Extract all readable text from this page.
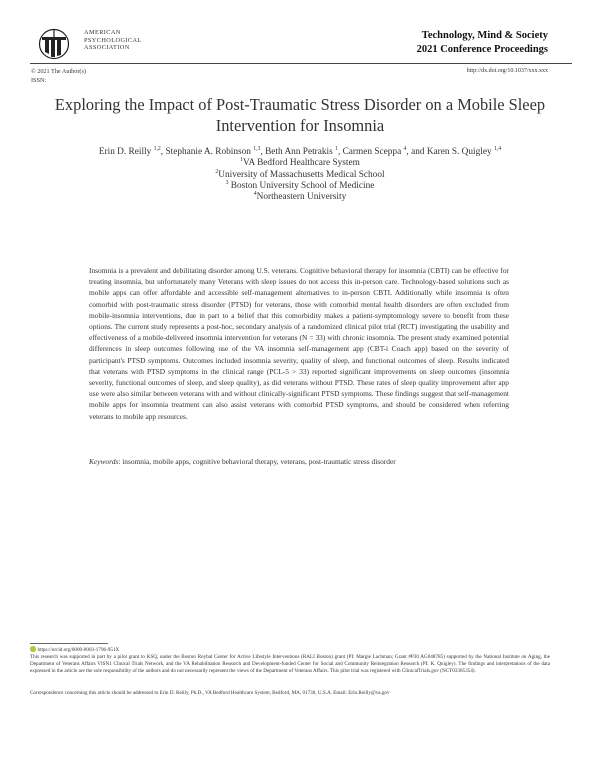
AMERICAN
PSYCHOLOGICAL
ASSOCIATION
Technology, Mind & Society
2021 Conference Proceedings
© 2021 The Author(s)
ISSN:
http://dx.doi.org/10.1037/xxx.xxx
Exploring the Impact of Post-Traumatic Stress Disorder on a Mobile Sleep Intervention for Insomnia
Erin D. Reilly $^{1,2}$, Stephanie A. Robinson $^{1,3}$, Beth Ann Petrakis $^1$, Carmen Sceppa $^4$, and Karen S. Quigley $^{1,4}$
$^1$VA Bedford Healthcare System
$^2$University of Massachusetts Medical School
$^3$ Boston University School of Medicine
$^4$Northeastern University

Insomnia is a prevalent and debilitating disorder among U.S. veterans. Cognitive behavioral therapy for insomnia (CBTI) can be effective for treating insomnia, but unfortunately many Veterans with sleep issues do not access this in-person care. Technology-based solutions such as mobile apps can offer affordable and accessible self-management alternatives to in-person CBTI. Additionally while insomnia is often comorbid with post-traumatic stress disorder (PTSD) for veterans, those with comorbid mental health disorders are often excluded from mobile-insomnia interventions, due in part to a belief that this comorbidity makes a patient-symptomology severe to benefit from these options. The current study represents a post-hoc, secondary analysis of a randomized clinical pilot trial (RCT) investigating the usability and effectiveness of a mobile-delivered insomnia intervention for veterans (N = 33) with chronic insomnia. The present study examined potential differences in sleep outcomes following use of the VA insomnia self-management app (CBT-i Coach app) based on the severity of participant's PTSD symptoms. Outcomes included insomnia severity, quality of sleep, and functional outcomes of sleep. Results indicated that veterans with PTSD symptoms in the clinical range (PCL-5 > 33) reported significant improvements on sleep outcomes (insomnia severity, functional outcomes of sleep, and sleep quality), as did veterans without PTSD. These rates of sleep quality improvement after app use were also similar between veterans with and without clinically-significant PTSD symptoms. These findings suggest that self-management mobile apps for insomnia treatment can also assist veterans with comorbid PTSD symptoms, and should be considered when referring veterans to mobile app resources.

Keywords: insomnia, mobile apps, cognitive behavioral therapy, veterans, post-traumatic stress disorder

https://orcid.org/0000-0003-1796-951X

This research was supported in part by a pilot grant to KSQ, under the Boston Roybal Center for Active Lifestyle Interventions (RALI Boston) grant (PI: Margie Lachman; Grant #P30 AG048785) supported by the National Institute on Aging, the Department of Veterans Affairs VISN1 Clinical Trials Network, and the VA Rehabilitation Research and Development-funded Center for Social and Community Reintegration Research (PI: K. Quigley). The findings and interpretations of the data expressed in the article are the sole responsibility of the authors and do not necessarily represent the views of the Department of Veterans Affairs. This pilot trial was registered with ClinicalTrials.gov (NCT03305354).

Correspondence concerning this article should be addressed to Erin D. Reilly, Ph.D., VA Bedford Healthcare System, Bedford, MA, 01730, U.S.A. Email: Erin.Reilly@va.gov
